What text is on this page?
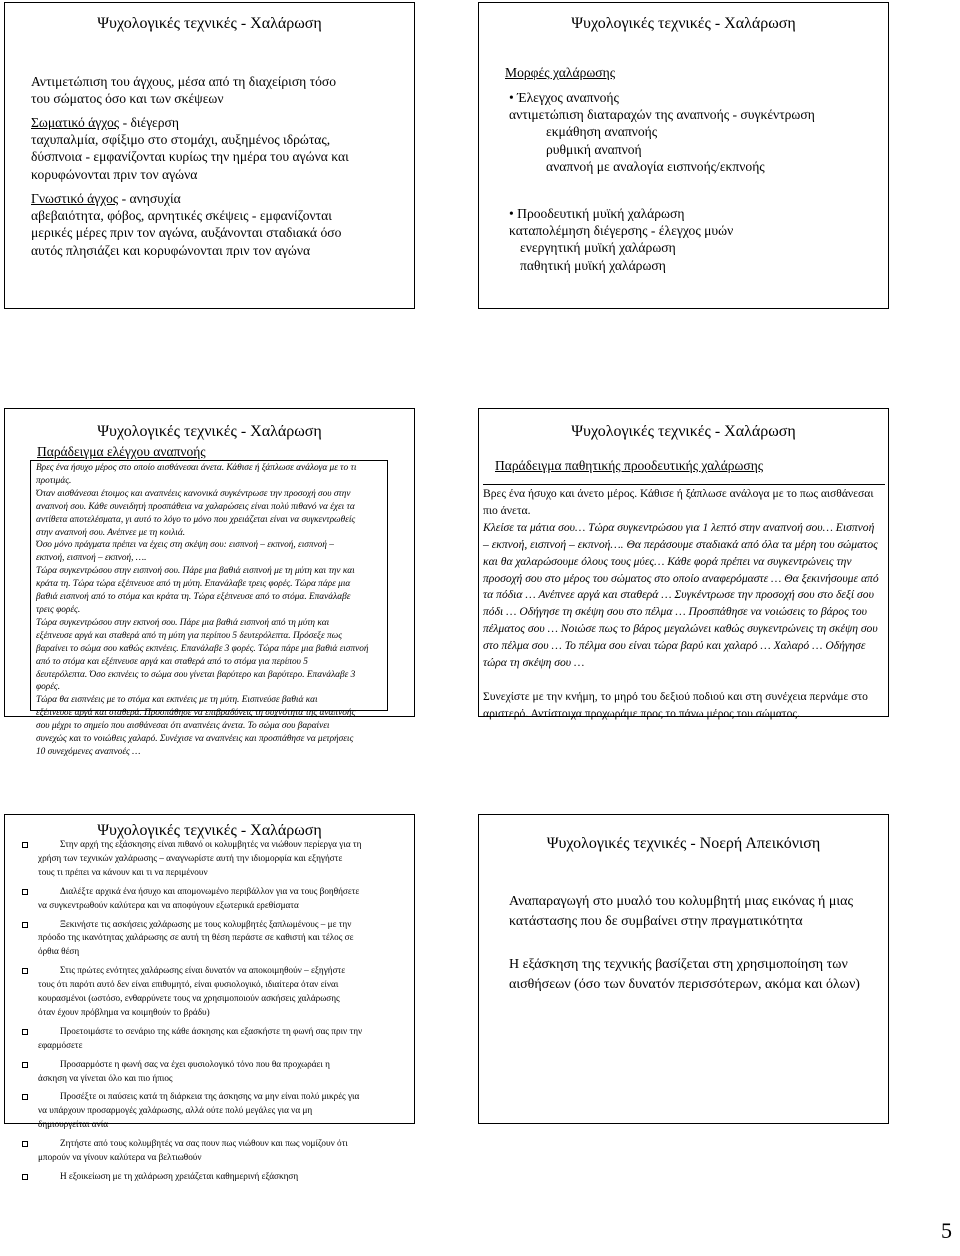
Ψυχολογικές τεχνικές - Χαλάρωση
Αντιμετώπιση του άγχους, μέσα από τη διαχείριση τόσο
του σώματος όσο και των σκέψεων
Σωματικό άγχος - διέγερση
ταχυπαλμία, σφίξιμο στο στομάχι, αυξημένος ιδρώτας,
δύσπνοια - εμφανίζονται κυρίως την ημέρα του αγώνα και
κορυφώνονται πριν τον αγώνα
Γνωστικό άγχος - ανησυχία
αβεβαιότητα, φόβος, αρνητικές σκέψεις - εμφανίζονται
μερικές μέρες πριν τον αγώνα, αυξάνονται σταδιακά όσο
αυτός πλησιάζει και κορυφώνονται πριν τον αγώνα
Ψυχολογικές τεχνικές - Χαλάρωση
Μορφές χαλάρωσης
• Έλεγχος αναπνοής
αντιμετώπιση διαταραχών της αναπνοής - συγκέντρωση
εκμάθηση αναπνοής
ρυθμική αναπνοή
αναπνοή με αναλογία εισπνοής/εκπνοής
• Προοδευτική μυϊκή χαλάρωση
καταπολέμηση διέγερσης - έλεγχος μυών
ενεργητική μυϊκή χαλάρωση
παθητική μυϊκή χαλάρωση
Ψυχολογικές τεχνικές - Χαλάρωση
Παράδειγμα ελέγχου αναπνοής
Βρες ένα ήσυχο μέρος στο οποίο αισθάνεσαι άνετα. Κάθισε ή ξάπλωσε ανάλογα με το τι
προτιμάς.
Όταν αισθάνεσαι έτοιμος και αναπνέεις κανονικά συγκέντρωσε την προσοχή σου στην
αναπνοή σου. Κάθε συνειδητή προσπάθεια να χαλαρώσεις είναι πολύ πιθανό να έχει τα
αντίθετα αποτελέσματα, γι αυτό το λόγο το μόνο που χρειάζεται είναι να συγκεντρωθείς
στην αναπνοή σου. Ανέπνεε με τη κοιλιά.
Όσο μόνο πράγματα πρέπει να έχεις στη σκέψη σου: εισπνοή – εκπνοή, εισπνοή –
εκπνοή, εισπνοή – εκπνοή, ….
Τώρα συγκεντρώσου στην εισπνοή σου. Πάρε μια βαθιά εισπνοή με τη μύτη και την και
κράτα τη. Τώρα τώρα εξέπνευσε από τη μύτη. Επανάλαβε τρεις φορές. Τώρα πάρε μια
βαθιά εισπνοή από το στόμα και κράτα τη. Τώρα εξέπνευσε από το στόμα. Επανάλαβε
τρεις φορές.
Τώρα συγκεντρώσου στην εκπνοή σου. Πάρε μια βαθιά εισπνοή από τη μύτη και
εξέπνευσε αργά και σταθερά από τη μύτη για περίπου 5 δευτερόλεπτα. Πρόσεξε πως
βαραίνει το σώμα σου καθώς εκπνέεις. Επανάλαβε 3 φορές. Τώρα πάρε μια βαθιά εισπνοή
από το στόμα και εξέπνευσε αργά και σταθερά από το στόμα για περίπου 5
δευτερόλεπτα. Όσο εκπνέεις το σώμα σου γίνεται βαρύτερο και βαρύτερο. Επανάλαβε 3
φορές.
Τώρα θα εισπνέεις με το στόμα και εκπνέεις με τη μύτη. Εισπνεύσε βαθιά και
εξέπνευσε αργά και σταθερά. Προσπάθησε να επιβραδύνεις τη συχνότητα της αναπνοής
σου μέχρι το σημείο που αισθάνεσαι ότι αναπνέεις άνετα. Το σώμα σου βαραίνει
συνεχώς και το νοιώθεις χαλαρό. Συνέχισε να αναπνέεις και προσπάθησε να μετρήσεις
10 συνεχόμενες αναπνοές …
Ψυχολογικές τεχνικές - Χαλάρωση
Παράδειγμα παθητικής προοδευτικής χαλάρωσης
Βρες ένα ήσυχο και άνετο μέρος. Κάθισε ή ξάπλωσε ανάλογα με το πως αισθάνεσαι
πιο άνετα.
Κλείσε τα μάτια σου… Τώρα συγκεντρώσου για 1 λεπτό στην αναπνοή σου… Εισπνοή
– εκπνοή, εισπνοή – εκπνοή…. Θα περάσουμε σταδιακά από όλα τα μέρη του σώματος
και θα χαλαρώσουμε όλους τους μύες… Κάθε φορά πρέπει να συγκεντρώνεις την
προσοχή σου στο μέρος του σώματος στο οποίο αναφερόμαστε … Θα ξεκινήσουμε από
τα πόδια … Ανέπνεε αργά και σταθερά … Συγκέντρωσε την προσοχή σου στο δεξί σου
πόδι … Οδήγησε τη σκέψη σου στο πέλμα … Προσπάθησε να νοιώσεις το βάρος του
πέλματος σου … Νοιώσε πως το βάρος μεγαλώνει καθώς συγκεντρώνεις τη σκέψη σου
στο πέλμα σου … Το πέλμα σου είναι τώρα βαρύ και χαλαρό … Χαλαρό … Οδήγησε
τώρα τη σκέψη σου …
Συνεχίστε με την κνήμη, το μηρό του δεξιού ποδιού και στη συνέχεια περνάμε στο
αριστερό. Αντίστοιχα προχωράμε προς το πάνω μέρος του σώματος.
Ψυχολογικές τεχνικές - Χαλάρωση
Στην αρχή της εξάσκησης είναι πιθανό οι κολυμβητές να νιώθουν περίεργα για τη
χρήση των τεχνικών χαλάρωσης – αναγνωρίστε αυτή την ιδιομορφία και εξηγήστε
τους τι πρέπει να κάνουν και τι να περιμένουν
Διαλέξτε αρχικά ένα ήσυχο και απομονωμένο περιβάλλον για να τους βοηθήσετε
να συγκεντρωθούν καλύτερα και να αποφύγουν εξωτερικά ερεθίσματα
Ξεκινήστε τις ασκήσεις χαλάρωσης με τους κολυμβητές ξαπλωμένους – με την
πρόοδο της ικανότητας χαλάρωσης σε αυτή τη θέση περάστε σε καθιστή και τέλος σε
όρθια θέση
Στις πρώτες ενότητες χαλάρωσης είναι δυνατόν να αποκοιμηθούν – εξηγήστε
τους ότι παρότι αυτό δεν είναι επιθυμητό, είναι φυσιολογικό, ιδιαίτερα όταν είναι
κουρασμένοι (ωστόσο, ενθαρρύνετε τους να χρησιμοποιούν ασκήσεις χαλάρωσης
όταν έχουν πρόβλημα να κοιμηθούν το βράδυ)
Προετοιμάστε το σενάριο της κάθε άσκησης και εξασκήστε τη φωνή σας πριν την
εφαρμόσετε
Προσαρμόστε η φωνή σας να έχει φυσιολογικό τόνο που θα προχωράει η
άσκηση να γίνεται όλο και πιο ήπιος
Προσέξτε οι παύσεις κατά τη διάρκεια της άσκησης να μην είναι πολύ μικρές για
να υπάρχουν προσαρμογές χαλάρωσης, αλλά ούτε πολύ μεγάλες για να μη
δημιουργείται ανία
Ζητήστε από τους κολυμβητές να σας πουν πως νιώθουν και πως νομίζουν ότι
μπορούν να γίνουν καλύτερα να βελτιωθούν
Η εξοικείωση με τη χαλάρωση χρειάζεται καθημερινή εξάσκηση
Ψυχολογικές τεχνικές - Νοερή Απεικόνιση
Αναπαραγωγή στο μυαλό του κολυμβητή μιας εικόνας ή μιας
κατάστασης που δε συμβαίνει στην πραγματικότητα
Η εξάσκηση της τεχνικής βασίζεται στη χρησιμοποίηση των
αισθήσεων (όσο των δυνατόν περισσότερων, ακόμα και όλων)
5
